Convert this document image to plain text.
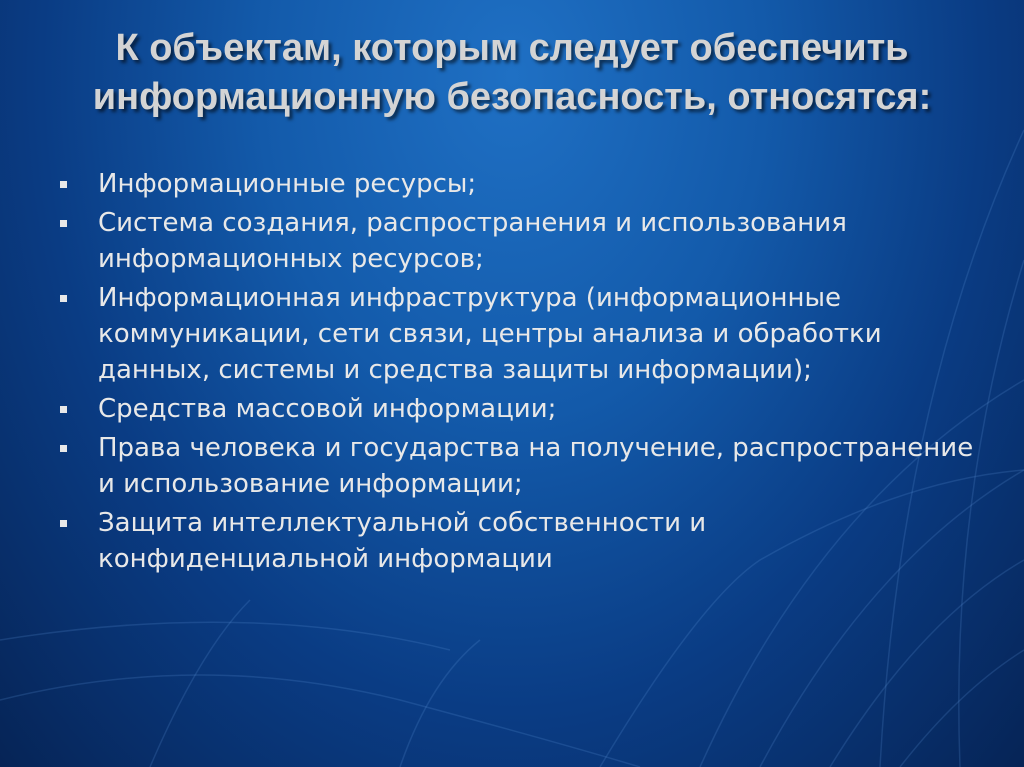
К объектам, которым следует обеспечить
информационную безопасность, относятся:
Информационные ресурсы;
Система создания, распространения и использования информационных ресурсов;
Информационная инфраструктура (информационные коммуникации, сети связи, центры анализа и обработки данных, системы и средства защиты информации);
Средства массовой информации;
Права человека и государства на получение, распространение и использование информации;
Защита интеллектуальной собственности и конфиденциальной информации
